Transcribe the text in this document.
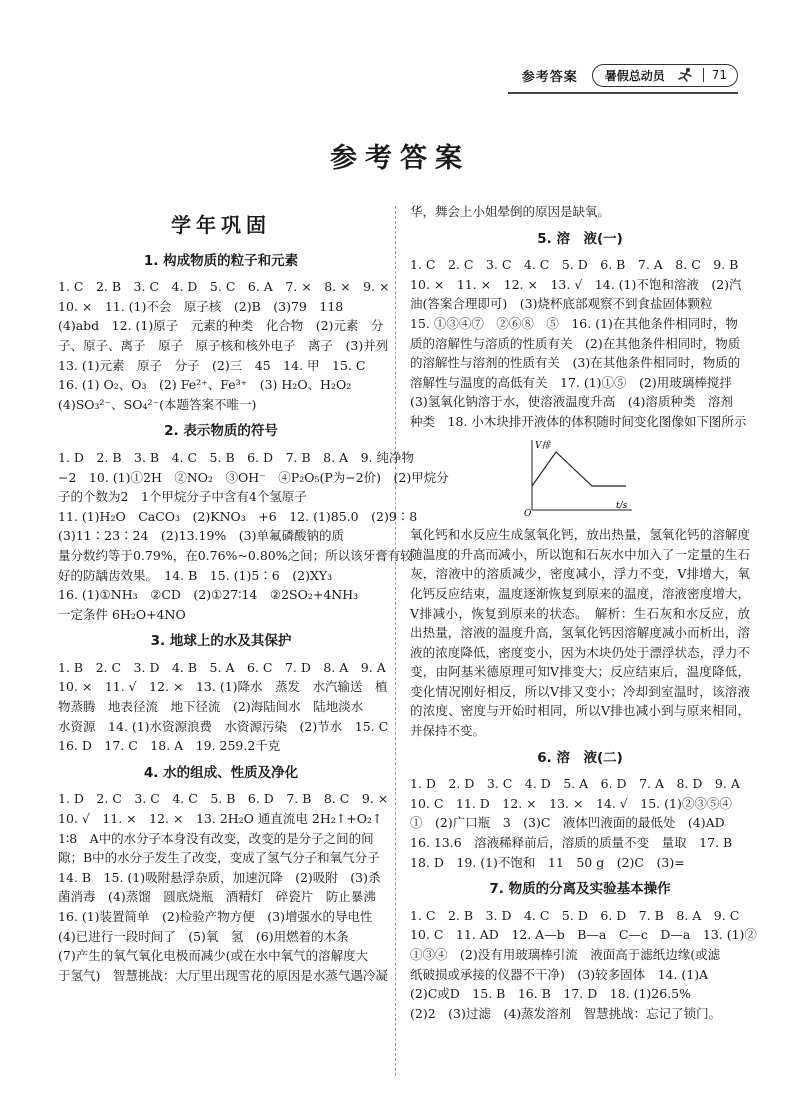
参考答案 暑假总动员	71
参考答案
学年巩固
1. 构成物质的粒子和元素
1. C　2. B　3. C　4. D　5. C　6. A　7. ×　8. ×　9. ×
10. ×　11. (1)不会　原子核　(2)B　(3)79　118
(4)abd　12. (1)原子　元素的种类　化合物　(2)元素　分
子、原子、离子　原子　原子核和核外电子　离子　(3)并列
13. (1)元素　原子　分子　(2)三　45　14. 甲　15. C
16. (1) O₂、O₃　(2) Fe²⁺、Fe³⁺　(3) H₂O、H₂O₂
(4)SO₃²⁻、SO₄²⁻(本题答案不唯一)
2. 表示物质的符号
1. D　2. B　3. B　4. C　5. B　6. D　7. B　8. A　9. 纯净物
−2　10. (1)①2H　②NO₂　③OH⁻　④P₂O₅(P为−2价)　(2)甲烷分
子的个数为2　1个甲烷分子中含有4个氢原子
11. (1)H₂O　CaCO₃　(2)KNO₃　+6　12. (1)85.0　(2)9∶8
(3)11∶23∶24　(2)13.19%　(3)单氟磷酸钠的质
量分数约等于0.79%，在0.76%~0.80%之间；所以该牙膏有较
好的防龋齿效果。　14. B　15. (1)5∶6　(2)XY₃
16. (1)①NH₃　②CD　(2)①27∶14　②2SO₂+4NH₃
一定条件 6H₂O+4NO
3. 地球上的水及其保护
1. B　2. C　3. D　4. B　5. A　6. C　7. D　8. A　9. A
10. ×　11. √　12. ×　13. (1)降水　蒸发　水汽输送　植
物蒸腾　地表径流　地下径流　(2)海陆间水　陆地淡水
水资源　14. (1)水资源浪费　水资源污染　(2)节水　15. C
16. D　17. C　18. A　19. 259.2千克
4. 水的组成、性质及净化
1. D　2. C　3. C　4. C　5. B　6. D　7. B　8. C　9. ×
10. √　11. ×　12. ×　13. 2H₂O 通直流电 2H₂↑+O₂↑
1∶8　A中的水分子本身没有改变，改变的是分子之间的间
隙；B中的水分子发生了改变，变成了氢气分子和氧气分子
14. B　15. (1)吸附悬浮杂质，加速沉降　(2)吸附　(3)杀
菌消毒　(4)蒸馏　圆底烧瓶　酒精灯　碎瓷片　防止暴沸
16. (1)装置简单　(2)检验产物方便　(3)增强水的导电性
(4)已进行一段时间了　(5)氧　氢　(6)用燃着的木条
(7)产生的氧气氧化电极而减少(或在水中氧气的溶解度大
于氢气)　智慧挑战：大厅里出现雪花的原因是水蒸气遇冷凝
华，舞会上小姐晕倒的原因是缺氧。
5. 溶　液(一)
1. C　2. C　3. C　4. C　5. D　6. B　7. A　8. C　9. B
10. ×　11. ×　12. ×　13. √　14. (1)不饱和溶液　(2)汽
油(答案合理即可)　(3)烧杯底部观察不到食盐固体颗粒
15. ①③④⑦　②⑥⑧　⑤　16. (1)在其他条件相同时，物
质的溶解性与溶质的性质有关　(2)在其他条件相同时，物质
的溶解性与溶剂的性质有关　(3)在其他条件相同时，物质的
溶解性与温度的高低有关　17. (1)①⑤　(2)用玻璃棒搅拌
(3)氢氧化钠溶于水，使溶液温度升高　(4)溶质种类　溶剂
种类　18. 小木块排开液体的体积随时间变化图像如下图所示
V排
t/s
O
氧化钙和水反应生成氢氧化钙，放出热量，氢氧化钙的溶解度随温度的升高而减小，所以饱和石灰水中加入了一定量的生石灰，溶液中的溶质减少，密度减小，浮力不变，V排增大，氧化钙反应结束，温度逐渐恢复到原来的温度，溶液密度增大，V排减小，恢复到原来的状态。　解析：生石灰和水反应，放出热量，溶液的温度升高，氢氧化钙因溶解度减小而析出，溶液的浓度降低，密度变小，因为木块仍处于漂浮状态，浮力不变，由阿基米德原理可知V排变大；反应结束后，温度降低，变化情况刚好相反，所以V排又变小；冷却到室温时，该溶液的浓度、密度与开始时相同，所以V排也减小到与原来相同，并保持不变。
6. 溶　液(二)
1. D　2. D　3. C　4. D　5. A　6. D　7. A　8. D　9. A
10. C　11. D　12. ×　13. ×　14. √　15. (1)②③⑤④
①　(2)广口瓶　3　(3)C　液体凹液面的最低处　(4)AD
16. 13.6　溶液稀释前后，溶质的质量不变　量取　17. B
18. D　19. (1)不饱和　11　50 g　(2)C　(3)=
7. 物质的分离及实验基本操作
1. C　2. B　3. D　4. C　5. D　6. D　7. B　8. A　9. C
10. C　11. AD　12. A—b　B—a　C—c　D—a　13. (1)②
①③④　(2)没有用玻璃棒引流　液面高于滤纸边缘(或滤
纸破损或承接的仪器不干净)　(3)较多固体　14. (1)A
(2)C或D　15. B　16. B　17. D　18. (1)26.5%
(2)2　(3)过滤　(4)蒸发溶剂　智慧挑战：忘记了锁门。
